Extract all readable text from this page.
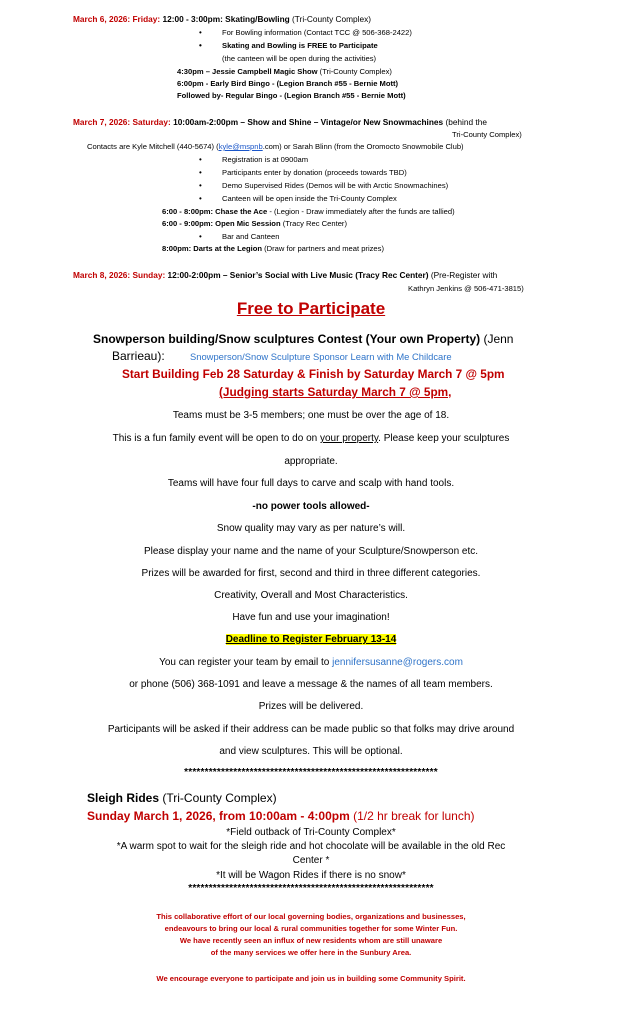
March 6, 2026: Friday: 12:00 - 3:00pm: Skating/Bowling (Tri-County Complex)
• For Bowling information (Contact TCC @ 506-368-2422)
• Skating and Bowling is FREE to Participate
(the canteen will be open during the activities)
4:30pm – Jessie Campbell Magic Show (Tri-County Complex)
6:00pm - Early Bird Bingo - (Legion Branch #55 - Bernie Mott)
Followed by- Regular Bingo - (Legion Branch #55 - Bernie Mott)
March 7, 2026: Saturday: 10:00am-2:00pm – Show and Shine – Vintage/or New Snowmachines (behind the
Tri-County Complex)
Contacts are Kyle Mitchell (440-5674) (kyle@mspnb.com) or Sarah Blinn (from the Oromocto Snowmobile Club)
• Registration is at 0900am
• Participants enter by donation (proceeds towards TBD)
• Demo Supervised Rides (Demos will be with Arctic Snowmachines)
• Canteen will be open inside the Tri-County Complex
6:00 - 8:00pm: Chase the Ace - (Legion - Draw immediately after the funds are tallied)
6:00 - 9:00pm: Open Mic Session (Tracy Rec Center)
• Bar and Canteen
8:00pm: Darts at the Legion (Draw for partners and meat prizes)
March 8, 2026: Sunday: 12:00-2:00pm – Senior’s Social with Live Music (Tracy Rec Center) (Pre-Register with
Kathryn Jenkins @ 506-471-3815)
Free to Participate
Snowperson building/Snow sculptures Contest (Your own Property) (Jenn
Barrieau):	Snowperson/Snow Sculpture Sponsor Learn with Me Childcare
Start Building Feb 28 Saturday & Finish by Saturday March 7 @ 5pm
(Judging starts Saturday March 7 @ 5pm,
Teams must be 3-5 members; one must be over the age of 18.
This is a fun family event will be open to do on your property. Please keep your sculptures
appropriate.
Teams will have four full days to carve and scalp with hand tools.
-no power tools allowed-
Snow quality may vary as per nature’s will.
Please display your name and the name of your Sculpture/Snowperson etc.
Prizes will be awarded for first, second and third in three different categories.
Creativity, Overall and Most Characteristics.
Have fun and use your imagination!
Deadline to Register February 13-14
You can register your team by email to jennifersusanne@rogers.com
or phone (506) 368-1091 and leave a message & the names of all team members.
Prizes will be delivered.
Participants will be asked if their address can be made public so that folks may drive around
and view sculptures. This will be optional.
**************************************************************
Sleigh Rides (Tri-County Complex)
Sunday March 1, 2026, from 10:00am - 4:00pm (1/2 hr break for lunch)
*Field outback of Tri-County Complex*
*A warm spot to wait for the sleigh ride and hot chocolate will be available in the old Rec
Center *
*It will be Wagon Rides if there is no snow*
************************************************************
This collaborative effort of our local governing bodies, organizations and businesses,
endeavours to bring our local & rural communities together for some Winter Fun.
We have recently seen an influx of new residents whom are still unaware
of the many services we offer here in the Sunbury Area.
We encourage everyone to participate and join us in building some Community Spirit.
